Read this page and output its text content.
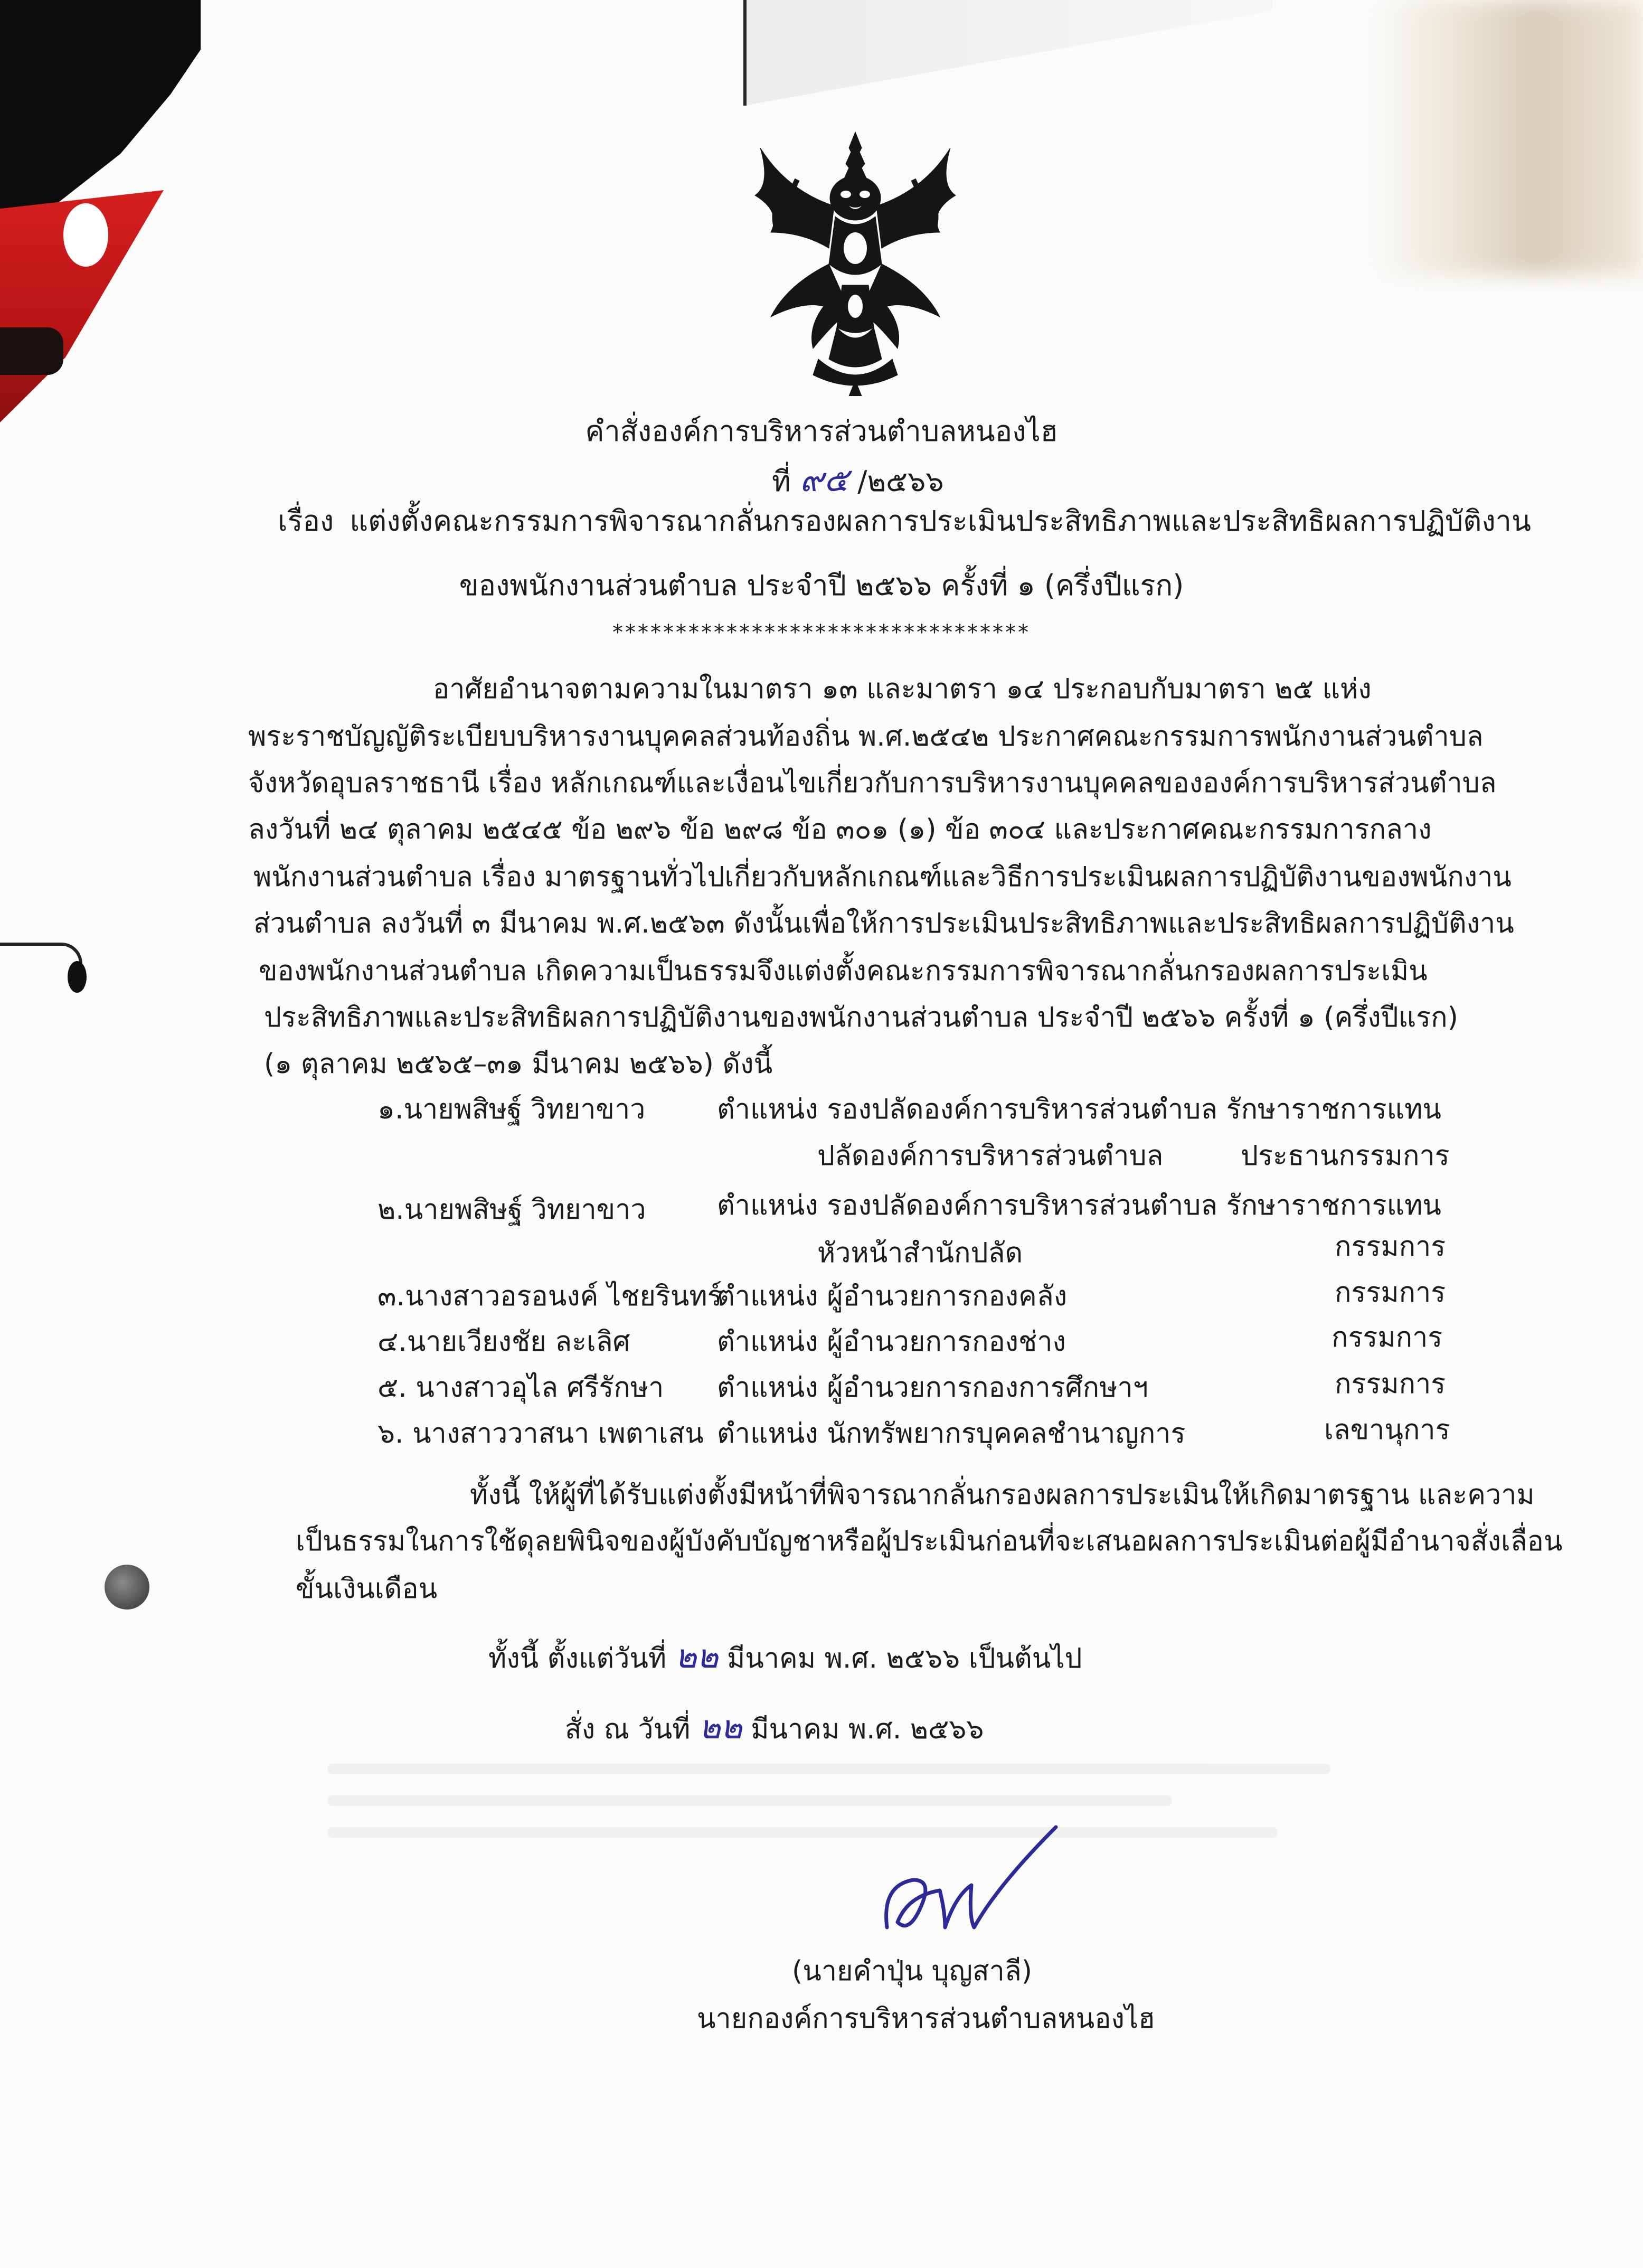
คำสั่งองค์การบริหารส่วนตำบลหนองไฮ
ที่ ๙๕ /๒๕๖๖
เรื่อง แต่งตั้งคณะกรรมการพิจารณากลั่นกรองผลการประเมินประสิทธิภาพและประสิทธิผลการปฏิบัติงาน
ของพนักงานส่วนตำบล ประจำปี ๒๕๖๖ ครั้งที่ ๑ (ครึ่งปีแรก)
*********************************
อาศัยอำนาจตามความในมาตรา ๑๓ และมาตรา ๑๔ ประกอบกับมาตรา ๒๕ แห่ง
พระราชบัญญัติระเบียบบริหารงานบุคคลส่วนท้องถิ่น พ.ศ.๒๕๔๒ ประกาศคณะกรรมการพนักงานส่วนตำบล
จังหวัดอุบลราชธานี เรื่อง หลักเกณฑ์และเงื่อนไขเกี่ยวกับการบริหารงานบุคคลขององค์การบริหารส่วนตำบล
ลงวันที่ ๒๔ ตุลาคม ๒๕๔๕ ข้อ ๒๙๖ ข้อ ๒๙๘ ข้อ ๓๐๑ (๑) ข้อ ๓๐๔ และประกาศคณะกรรมการกลาง
พนักงานส่วนตำบล เรื่อง มาตรฐานทั่วไปเกี่ยวกับหลักเกณฑ์และวิธีการประเมินผลการปฏิบัติงานของพนักงาน
ส่วนตำบล ลงวันที่ ๓ มีนาคม พ.ศ.๒๕๖๓ ดังนั้นเพื่อให้การประเมินประสิทธิภาพและประสิทธิผลการปฏิบัติงาน
ของพนักงานส่วนตำบล เกิดความเป็นธรรมจึงแต่งตั้งคณะกรรมการพิจารณากลั่นกรองผลการประเมิน
ประสิทธิภาพและประสิทธิผลการปฏิบัติงานของพนักงานส่วนตำบล ประจำปี ๒๕๖๖ ครั้งที่ ๑ (ครึ่งปีแรก)
(๑ ตุลาคม ๒๕๖๕–๓๑ มีนาคม ๒๕๖๖) ดังนี้
๑.นายพสิษฐ์ วิทยาขาว	ตำแหน่ง รองปลัดองค์การบริหารส่วนตำบล รักษาราชการแทน
ปลัดองค์การบริหารส่วนตำบล	ประธานกรรมการ
๒.นายพสิษฐ์ วิทยาขาว	ตำแหน่ง รองปลัดองค์การบริหารส่วนตำบล รักษาราชการแทน
หัวหน้าสำนักปลัด	กรรมการ
๓.นางสาวอรอนงค์ ไชยรินทร์
ตำแหน่ง ผู้อำนวยการกองคลัง	กรรมการ
๔.นายเวียงชัย ละเลิศ	ตำแหน่ง ผู้อำนวยการกองช่าง	กรรมการ
๕. นางสาวอุไล ศรีรักษา ตำแหน่ง ผู้อำนวยการกองการศึกษาฯ	กรรมการ
๖. นางสาววาสนา เพตาเสน ตำแหน่ง นักทรัพยากรบุคคลชำนาญการ	เลขานุการ
ทั้งนี้ ให้ผู้ที่ได้รับแต่งตั้งมีหน้าที่พิจารณากลั่นกรองผลการประเมินให้เกิดมาตรฐาน และความ
เป็นธรรมในการใช้ดุลยพินิจของผู้บังคับบัญชาหรือผู้ประเมินก่อนที่จะเสนอผลการประเมินต่อผู้มีอำนาจสั่งเลื่อน
ขั้นเงินเดือน
ทั้งนี้ ตั้งแต่วันที่ ๒๒ มีนาคม พ.ศ. ๒๕๖๖ เป็นต้นไป
สั่ง ณ วันที่ ๒๒ มีนาคม พ.ศ. ๒๕๖๖
(นายคำปุ่น บุญสาลี)
นายกองค์การบริหารส่วนตำบลหนองไฮ
